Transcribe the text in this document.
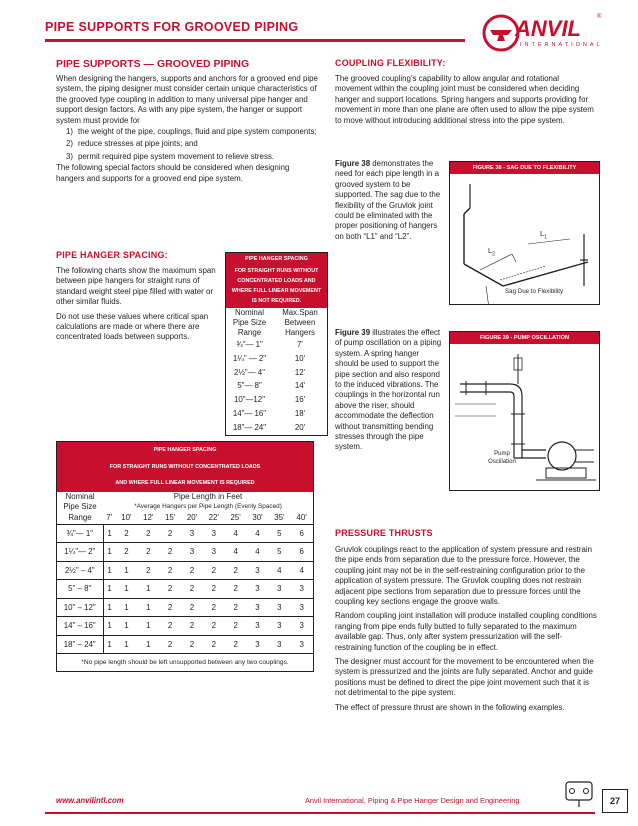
PIPE SUPPORTS FOR GROOVED PIPING	ANVIL	®
INTERNATIONAL
PIPE SUPPORTS — GROOVED PIPING

When designing the hangers, supports and anchors for a grooved end pipe system, the piping designer must consider certain unique characteristics of the grooved type coupling in addition to many universal pipe hanger and support design factors. As with any pipe system, the hanger or support system must provide for

1) the weight of the pipe, couplings, fluid and pipe system components;
2) reduce stresses at pipe joints; and
3) permit required pipe system movement to relieve stress.

The following special factors should be considered when designing hangers and supports for a grooved end pipe system.

PIPE HANGER SPACING:

The following charts show the maximum span between pipe hangers for straight runs of standard weight steel pipe filled with water or other similar fluids.

Do not use these values where critical span calculations are made or where there are concentrated loads between supports.

PIPE HANGER SPACING	
FOR STRAIGHT RUNS WITHOUT CONCENTRATED LOADS AND WHERE FULL LINEAR MOVEMENT IS NOT REQUIRED.	
Nominal	Max.Span
Pipe Size	Between
Range	Hangers
¾"— 1"	7'
1¼" — 2"	10'
2½"— 4"	12'
5"— 8"	14'
10"—12"	16'
14"— 16"	18'
18"— 24"	20'
PIPE HANGER SPACING										
FOR STRAIGHT RUNS WITHOUT CONCENTRATED LOADS										
AND WHERE FULL LINEAR MOVEMENT IS REQUIRED										
Nominal	Pipe Length in Feet									
Pipe Size	*Average Hangers per Pipe Length (Evenly Spaced)									
Range	7'	10'	12'	15'	20'	22'	25'	30'	35'	40'
¾"— 1"	1	2	2	2	3	3	4	4	5	6
1¼"— 2"	1	2	2	2	3	3	4	4	5	6
2½" – 4"	1	1	2	2	2	2	2	3	4	4
5" – 8"	1	1	1	2	2	2	2	3	3	3
10" – 12"	1	1	1	2	2	2	2	3	3	3
14" – 16"	1	1	1	2	2	2	2	3	3	3
18" – 24"	1	1	1	2	2	2	2	3	3	3
*No pipe length should be left unsupported between any two couplings.										
COUPLING FLEXIBILITY:

The grooved coupling’s capability to allow angular and rotational movement within the coupling joint must be considered when deciding hanger and support locations. Spring hangers and supports providing for movement in more than one plane are often used to allow the pipe system to move without introducing additional stress into the pipe system.

Figure 38 demonstrates the need for each pipe length in a grooved system to be supported. The sag due to the flexibility of the Gruvlok joint could be eliminated with the proper positioning of hangers on both “L1” and “L2”.

FIGURE 38 - SAG DUE TO FLEXIBILITY
$L_2$
$L_1$
Sag Due to Flexibility

Figure 39 illustrates the effect of pump oscillation on a piping system. A spring hanger should be used to support the pipe section and also respond to the induced vibrations. The couplings in the horizontal run above the riser, should accommodate the deflection without transmitting bending stresses through the pipe system.

FIGURE 39 - PUMP OSCILLATION
Pump
Oscillation
PRESSURE THRUSTS

Gruvlok couplings react to the application of system pressure and restrain the pipe ends from separation due to the pressure force. However, the coupling joint may not be in the self-restraining configuration prior to the application of system pressure. The Gruvlok coupling does not restrain adjacent pipe sections from separation due to pressure forces until the coupling key sections engage the groove walls.

Random coupling joint installation will produce installed coupling conditions ranging from pipe ends fully butted to fully separated to the maximum available gap. Thus, only after system pressurization will the self-restraining function of the coupling be in effect.

The designer must account for the movement to be encountered when the system is pressurized and the joints are fully separated. Anchor and guide positions must be defined to direct the pipe joint movement such that it is not detrimental to the pipe system.

The effect of pressure thrust are shown in the following examples.

www.anvilintl.com	Anvil International, Piping & Pipe Hanger Design and Engineering	27
